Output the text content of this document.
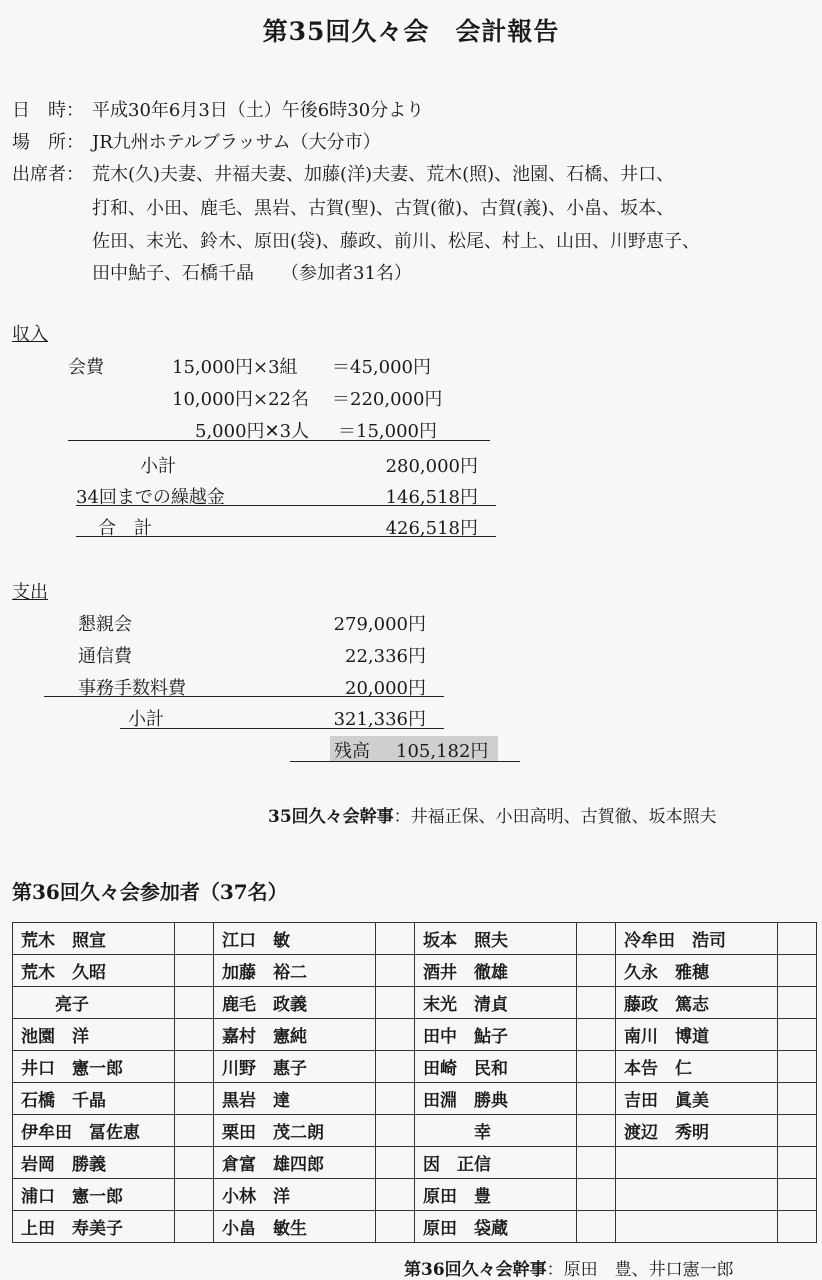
第35回久々会　会計報告
日　時： 平成30年6月3日（土）午後6時30分より
場　所： JR九州ホテルブラッサム（大分市）
出席者： 荒木(久)夫妻、井福夫妻、加藤(洋)夫妻、荒木(照)、池園、石橋、井口、
打和、小田、鹿毛、黒岩、古賀(聖)、古賀(徹)、古賀(義)、小畠、坂本、
佐田、末光、鈴木、原田(袋)、藤政、前川、松尾、村上、山田、川野恵子、
田中鮎子、石橋千晶　　（参加者31名）
収入
会費	15,000円×3組 ＝45,000円
10,000円×22名 ＝220,000円
5,000円✕3人 ＝15,000円
小計	280,000円
34回までの繰越金	146,518円
合　計	426,518円
支出
懇親会	279,000円
通信費	22,336円
事務手数料費	20,000円
小計	321,336円
残高 105,182円
35回久々会幹事：井福正保、小田高明、古賀徹、坂本照夫
第36回久々会参加者（37名）
荒木　照宣		江口　敏		坂本　照夫		冷牟田　浩司	
荒木　久昭		加藤　裕二		酒井　徹雄		久永　雅穂	
　　亮子		鹿毛　政義		末光　清貞		藤政　篤志	
池園　洋		嘉村　憲純		田中　鮎子		南川　博道	
井口　憲一郎		川野　惠子		田崎　民和		本告　仁	
石橋　千晶		黒岩　達		田淵　勝典		吉田　眞美	
伊牟田　冨佐恵		栗田　茂二朗		　　　幸		渡辺　秀明	
岩岡　勝義		倉富　雄四郎		因　正信			
浦口　憲一郎		小林　洋		原田　豊			
上田　寿美子		小畠　敏生		原田　袋蔵			
第36回久々会幹事：原田　豊、井口憲一郎
